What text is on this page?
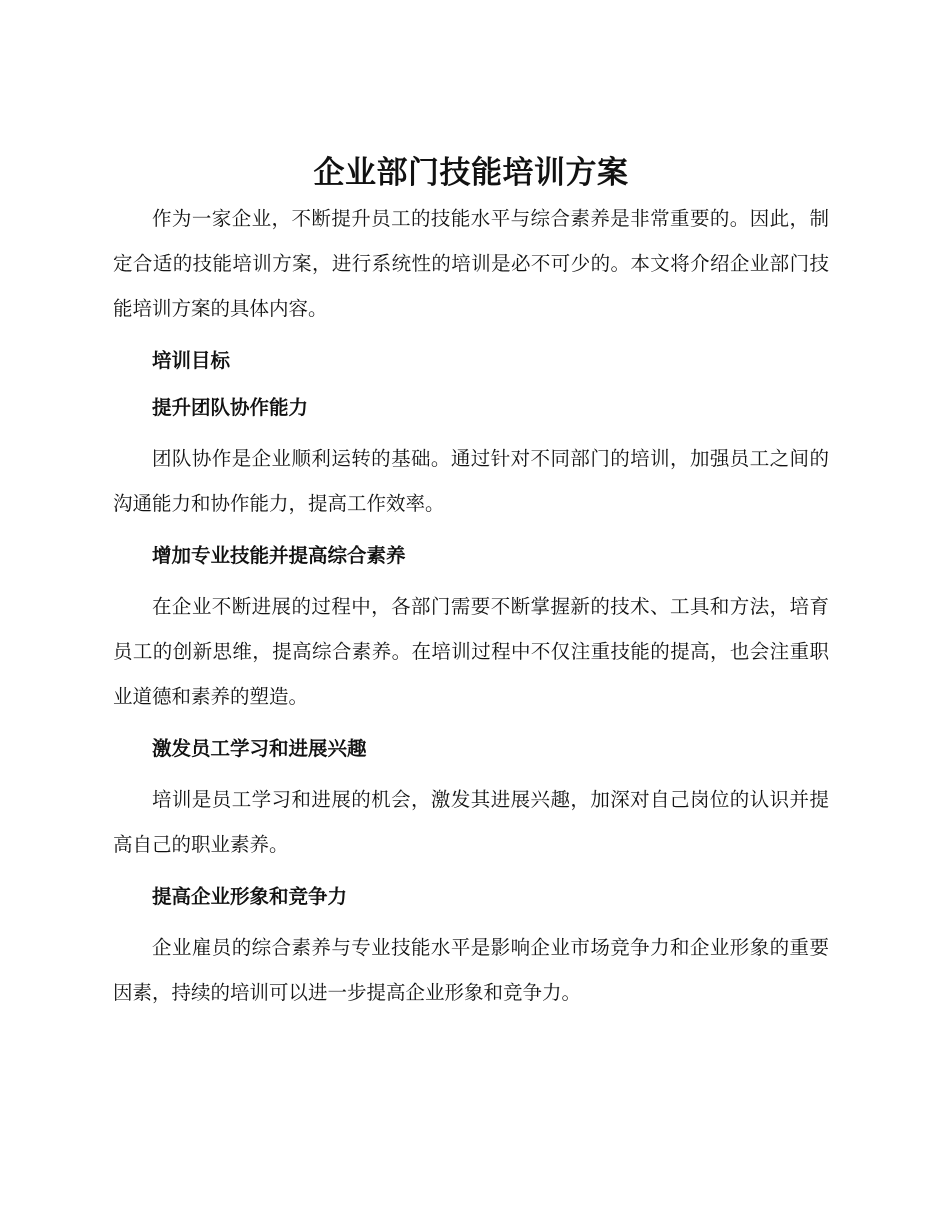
企业部门技能培训方案

作为一家企业，不断提升员工的技能水平与综合素养是非常重要的。因此，制定合适的技能培训方案，进行系统性的培训是必不可少的。本文将介绍企业部门技能培训方案的具体内容。

培训目标
提升团队协作能力

团队协作是企业顺利运转的基础。通过针对不同部门的培训，加强员工之间的沟通能力和协作能力，提高工作效率。

增加专业技能并提高综合素养

在企业不断进展的过程中，各部门需要不断掌握新的技术、工具和方法，培育员工的创新思维，提高综合素养。在培训过程中不仅注重技能的提高，也会注重职业道德和素养的塑造。

激发员工学习和进展兴趣

培训是员工学习和进展的机会，激发其进展兴趣，加深对自己岗位的认识并提高自己的职业素养。

提高企业形象和竞争力

企业雇员的综合素养与专业技能水平是影响企业市场竞争力和企业形象的重要因素，持续的培训可以进一步提高企业形象和竞争力。
